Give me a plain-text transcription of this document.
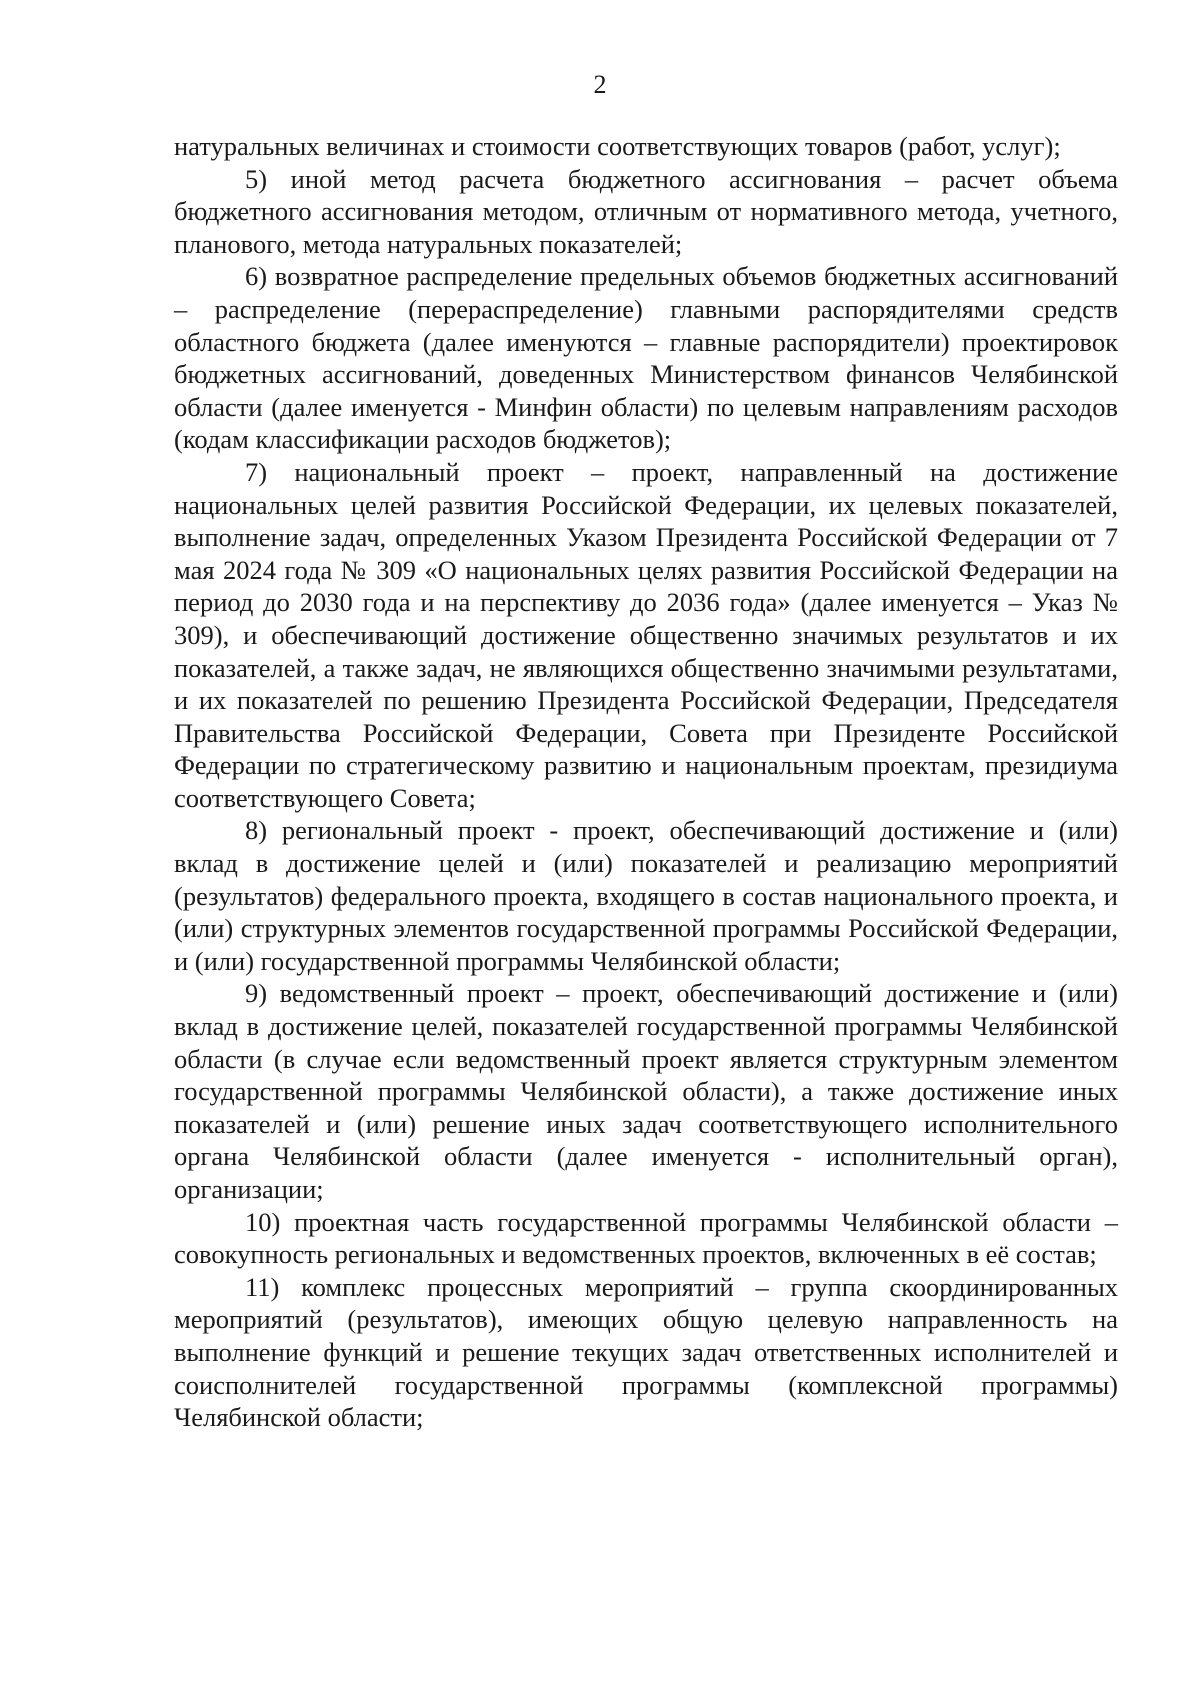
2

натуральных величинах и стоимости соответствующих товаров (работ, услуг);

5) иной метод расчета бюджетного ассигнования – расчет объема бюджетного ассигнования методом, отличным от нормативного метода, учетного, планового, метода натуральных показателей;

6) возвратное распределение предельных объемов бюджетных ассигнований – распределение (перераспределение) главными распорядителями средств областного бюджета (далее именуются – главные распорядители) проектировок бюджетных ассигнований, доведенных Министерством финансов Челябинской области (далее именуется - Минфин области) по целевым направлениям расходов (кодам классификации расходов бюджетов);

7) национальный проект – проект, направленный на достижение национальных целей развития Российской Федерации, их целевых показателей, выполнение задач, определенных Указом Президента Российской Федерации от 7 мая 2024 года № 309 «О национальных целях развития Российской Федерации на период до 2030 года и на перспективу до 2036 года» (далее именуется – Указ № 309), и обеспечивающий достижение общественно значимых результатов и их показателей, а также задач, не являющихся общественно значимыми результатами, и их показателей по решению Президента Российской Федерации, Председателя Правительства Российской Федерации, Совета при Президенте Российской Федерации по стратегическому развитию и национальным проектам, президиума соответствующего Совета;

8) региональный проект - проект, обеспечивающий достижение и (или) вклад в достижение целей и (или) показателей и реализацию мероприятий (результатов) федерального проекта, входящего в состав национального проекта, и (или) структурных элементов государственной программы Российской Федерации, и (или) государственной программы Челябинской области;

9) ведомственный проект – проект, обеспечивающий достижение и (или) вклад в достижение целей, показателей государственной программы Челябинской области (в случае если ведомственный проект является структурным элементом государственной программы Челябинской области), а также достижение иных показателей и (или) решение иных задач соответствующего исполнительного органа Челябинской области (далее именуется - исполнительный орган), организации;

10) проектная часть государственной программы Челябинской области – совокупность региональных и ведомственных проектов, включенных в её состав;

11) комплекс процессных мероприятий – группа скоординированных мероприятий (результатов), имеющих общую целевую направленность на выполнение функций и решение текущих задач ответственных исполнителей и соисполнителей государственной программы (комплексной программы) Челябинской области;
